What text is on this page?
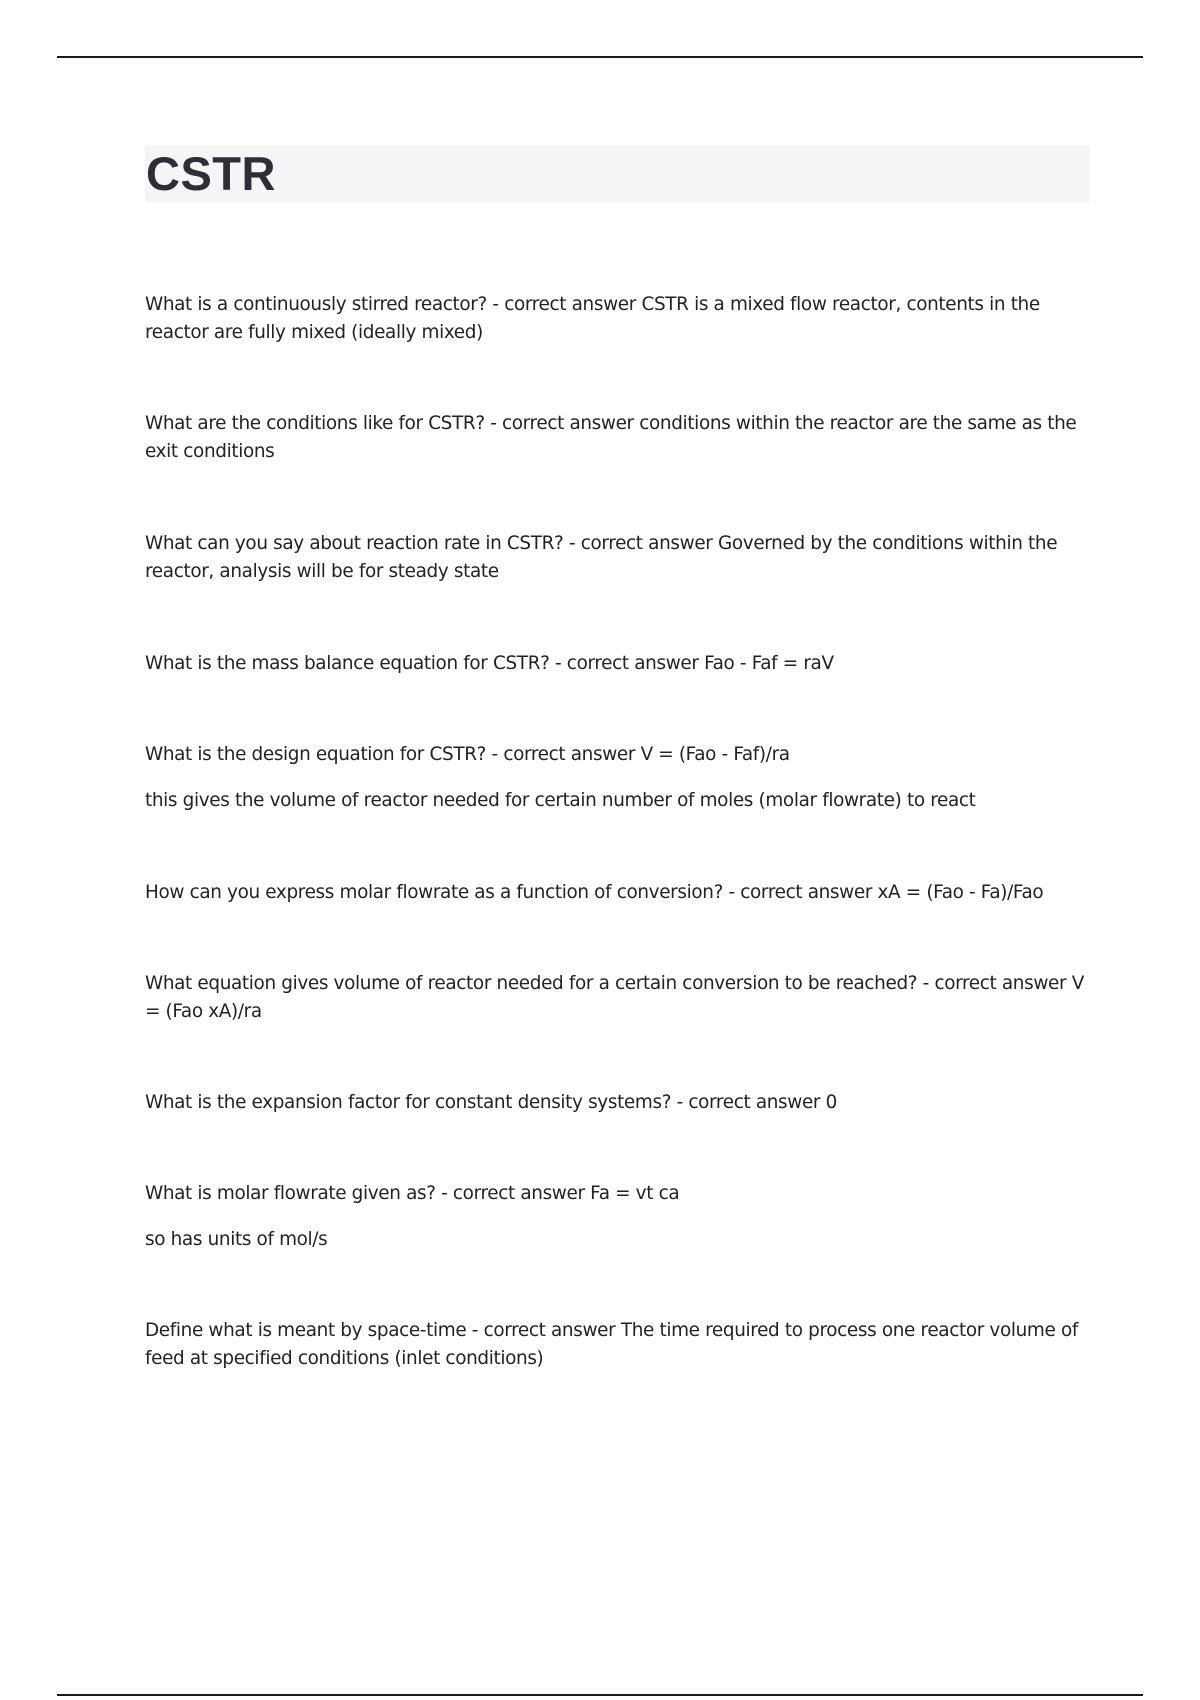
CSTR

What is a continuously stirred reactor? - correct answer CSTR is a mixed flow reactor, contents in the reactor are fully mixed (ideally mixed)

What are the conditions like for CSTR? - correct answer conditions within the reactor are the same as the exit conditions

What can you say about reaction rate in CSTR? - correct answer Governed by the conditions within the reactor, analysis will be for steady state

What is the mass balance equation for CSTR? - correct answer Fao - Faf = raV

What is the design equation for CSTR? - correct answer V = (Fao - Faf)/ra

this gives the volume of reactor needed for certain number of moles (molar flowrate) to react

How can you express molar flowrate as a function of conversion? - correct answer xA = (Fao - Fa)/Fao

What equation gives volume of reactor needed for a certain conversion to be reached? - correct answer V = (Fao xA)/ra

What is the expansion factor for constant density systems? - correct answer 0

What is molar flowrate given as? - correct answer Fa = vt ca

so has units of mol/s

Define what is meant by space-time - correct answer The time required to process one reactor volume of feed at specified conditions (inlet conditions)
